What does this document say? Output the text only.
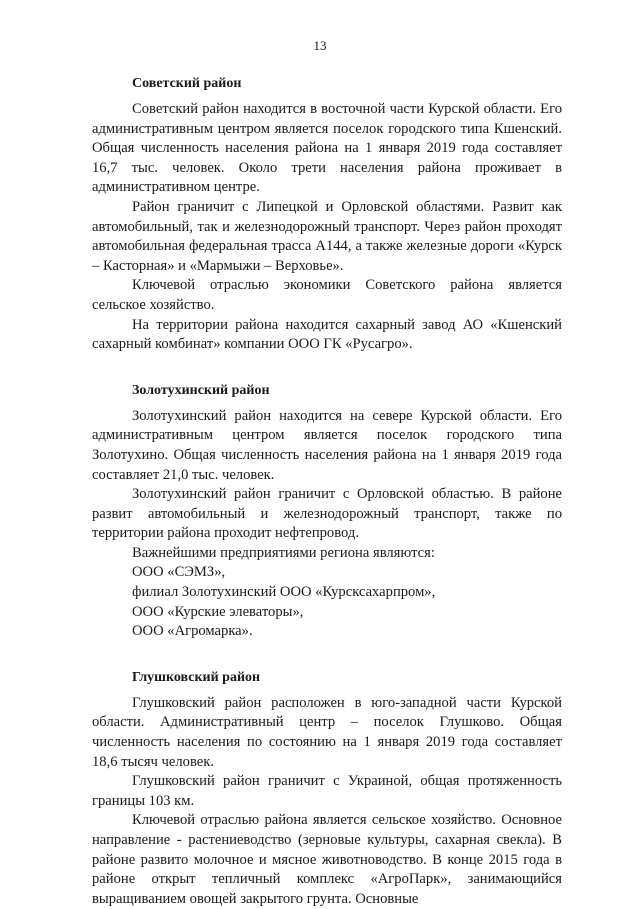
13
Советский район

Советский район находится в восточной части Курской области. Его административным центром является поселок городского типа Кшенский. Общая численность населения района на 1 января 2019 года составляет 16,7 тыс. человек. Около трети населения района проживает в административном центре.

Район граничит с Липецкой и Орловской областями. Развит как автомобильный, так и железнодорожный транспорт. Через район проходят автомобильная федеральная трасса А144, а также железные дороги «Курск – Касторная» и «Мармыжи – Верховье».

Ключевой отраслью экономики Советского района является сельское хозяйство.

На территории района находится сахарный завод АО «Кшенский сахарный комбинат» компании ООО ГК «Русагро».

Золотухинский район

Золотухинский район находится на севере Курской области. Его административным центром является поселок городского типа Золотухино. Общая численность населения района на 1 января 2019 года составляет 21,0 тыс. человек.

Золотухинский район граничит с Орловской областью. В районе развит автомобильный и железнодорожный транспорт, также по территории района проходит нефтепровод.

Важнейшими предприятиями региона являются:

ООО «СЭМЗ»,
филиал Золотухинский ООО «Курсксахарпром»,
ООО «Курские элеваторы»,
ООО «Агромарка».
Глушковский район

Глушковский район расположен в юго-западной части Курской области. Административный центр – поселок Глушково. Общая численность населения по состоянию на 1 января 2019 года составляет 18,6 тысяч человек.

Глушковский район граничит с Украиной, общая протяженность границы 103 км.

Ключевой отраслью района является сельское хозяйство. Основное направление - растениеводство (зерновые культуры, сахарная свекла). В районе развито молочное и мясное животноводство. В конце 2015 года в районе открыт тепличный комплекс «АгроПарк», занимающийся выращиванием овощей закрытого грунта. Основные
